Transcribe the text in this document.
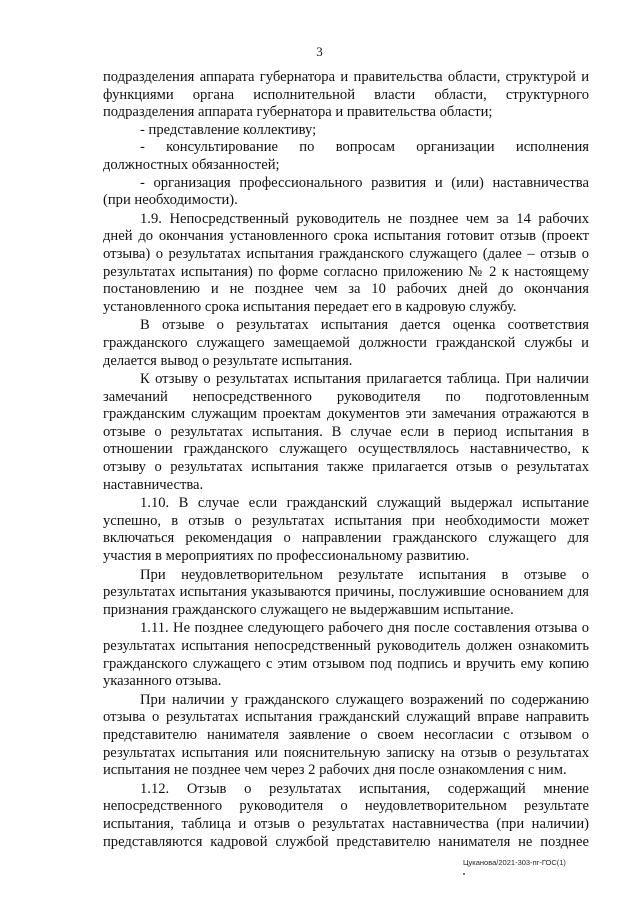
3

подразделения аппарата губернатора и правительства области, структурой и функциями органа исполнительной власти области, структурного подразделения аппарата губернатора и правительства области;

- представление коллективу;

- консультирование по вопросам организации исполнения должностных обязанностей;

- организация профессионального развития и (или) наставничества (при необходимости).

1.9. Непосредственный руководитель не позднее чем за 14 рабочих дней до окончания установленного срока испытания готовит отзыв (проект отзыва) о результатах испытания гражданского служащего (далее – отзыв о результатах испытания) по форме согласно приложению № 2 к настоящему постановлению и не позднее чем за 10 рабочих дней до окончания установленного срока испытания передает его в кадровую службу.

В отзыве о результатах испытания дается оценка соответствия гражданского служащего замещаемой должности гражданской службы и делается вывод о результате испытания.

К отзыву о результатах испытания прилагается таблица. При наличии замечаний непосредственного руководителя по подготовленным гражданским служащим проектам документов эти замечания отражаются в отзыве о результатах испытания. В случае если в период испытания в отношении гражданского служащего осуществлялось наставничество, к отзыву о результатах испытания также прилагается отзыв о результатах наставничества.

1.10. В случае если гражданский служащий выдержал испытание успешно, в отзыв о результатах испытания при необходимости может включаться рекомендация о направлении гражданского служащего для участия в мероприятиях по профессиональному развитию.

При неудовлетворительном результате испытания в отзыве о результатах испытания указываются причины, послужившие основанием для признания гражданского служащего не выдержавшим испытание.

1.11. Не позднее следующего рабочего дня после составления отзыва о результатах испытания непосредственный руководитель должен ознакомить гражданского служащего с этим отзывом под подпись и вручить ему копию указанного отзыва.

При наличии у гражданского служащего возражений по содержанию отзыва о результатах испытания гражданский служащий вправе направить представителю нанимателя заявление о своем несогласии с отзывом о результатах испытания или пояснительную записку на отзыв о результатах испытания не позднее чем через 2 рабочих дня после ознакомления с ним.

1.12. Отзыв о результатах испытания, содержащий мнение непосредственного руководителя о неудовлетворительном результате испытания, таблица и отзыв о результатах наставничества (при наличии) представляются кадровой службой представителю нанимателя не позднее

Цуканова/2021-303-пг-ГОС(1)
